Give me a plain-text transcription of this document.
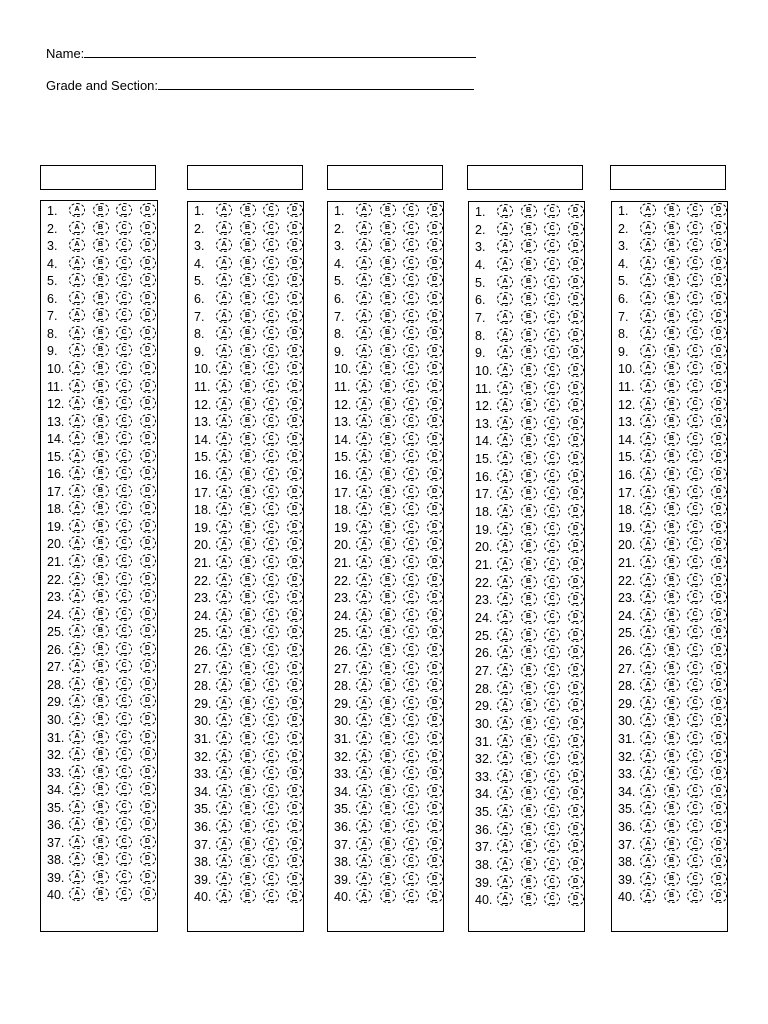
Name:
Grade and Section:
1.	A	B	C	D
2.	A	B	C	D
3.	A	B	C	D
4.	A	B	C	D
5.	A	B	C	D
6.	A	B	C	D
7.	A	B	C	D
8.	A	B	C	D
9.	A	B	C	D
10.	A	B	C	D
11.	A	B	C	D
12.	A	B	C	D
13.	A	B	C	D
14.	A	B	C	D
15.	A	B	C	D
16.	A	B	C	D
17.	A	B	C	D
18.	A	B	C	D
19.	A	B	C	D
20.	A	B	C	D
21.	A	B	C	D
22.	A	B	C	D
23.	A	B	C	D
24.	A	B	C	D
25.	A	B	C	D
26.	A	B	C	D
27.	A	B	C	D
28.	A	B	C	D
29.	A	B	C	D
30.	A	B	C	D
31.	A	B	C	D
32.	A	B	C	D
33.	A	B	C	D
34.	A	B	C	D
35.	A	B	C	D
36.	A	B	C	D
37.	A	B	C	D
38.	A	B	C	D
39.	A	B	C	D
40.	A	B	C	D
1.	A	B	C	D
2.	A	B	C	D
3.	A	B	C	D
4.	A	B	C	D
5.	A	B	C	D
6.	A	B	C	D
7.	A	B	C	D
8.	A	B	C	D
9.	A	B	C	D
10.	A	B	C	D
11.	A	B	C	D
12.	A	B	C	D
13.	A	B	C	D
14.	A	B	C	D
15.	A	B	C	D
16.	A	B	C	D
17.	A	B	C	D
18.	A	B	C	D
19.	A	B	C	D
20.	A	B	C	D
21.	A	B	C	D
22.	A	B	C	D
23.	A	B	C	D
24.	A	B	C	D
25.	A	B	C	D
26.	A	B	C	D
27.	A	B	C	D
28.	A	B	C	D
29.	A	B	C	D
30.	A	B	C	D
31.	A	B	C	D
32.	A	B	C	D
33.	A	B	C	D
34.	A	B	C	D
35.	A	B	C	D
36.	A	B	C	D
37.	A	B	C	D
38.	A	B	C	D
39.	A	B	C	D
40.	A	B	C	D
1.	A	B	C	D
2.	A	B	C	D
3.	A	B	C	D
4.	A	B	C	D
5.	A	B	C	D
6.	A	B	C	D
7.	A	B	C	D
8.	A	B	C	D
9.	A	B	C	D
10.	A	B	C	D
11.	A	B	C	D
12.	A	B	C	D
13.	A	B	C	D
14.	A	B	C	D
15.	A	B	C	D
16.	A	B	C	D
17.	A	B	C	D
18.	A	B	C	D
19.	A	B	C	D
20.	A	B	C	D
21.	A	B	C	D
22.	A	B	C	D
23.	A	B	C	D
24.	A	B	C	D
25.	A	B	C	D
26.	A	B	C	D
27.	A	B	C	D
28.	A	B	C	D
29.	A	B	C	D
30.	A	B	C	D
31.	A	B	C	D
32.	A	B	C	D
33.	A	B	C	D
34.	A	B	C	D
35.	A	B	C	D
36.	A	B	C	D
37.	A	B	C	D
38.	A	B	C	D
39.	A	B	C	D
40.	A	B	C	D
1.	A	B	C	D
2.	A	B	C	D
3.	A	B	C	D
4.	A	B	C	D
5.	A	B	C	D
6.	A	B	C	D
7.	A	B	C	D
8.	A	B	C	D
9.	A	B	C	D
10.	A	B	C	D
11.	A	B	C	D
12.	A	B	C	D
13.	A	B	C	D
14.	A	B	C	D
15.	A	B	C	D
16.	A	B	C	D
17.	A	B	C	D
18.	A	B	C	D
19.	A	B	C	D
20.	A	B	C	D
21.	A	B	C	D
22.	A	B	C	D
23.	A	B	C	D
24.	A	B	C	D
25.	A	B	C	D
26.	A	B	C	D
27.	A	B	C	D
28.	A	B	C	D
29.	A	B	C	D
30.	A	B	C	D
31.	A	B	C	D
32.	A	B	C	D
33.	A	B	C	D
34.	A	B	C	D
35.	A	B	C	D
36.	A	B	C	D
37.	A	B	C	D
38.	A	B	C	D
39.	A	B	C	D
40.	A	B	C	D
1.	A	B	C	D
2.	A	B	C	D
3.	A	B	C	D
4.	A	B	C	D
5.	A	B	C	D
6.	A	B	C	D
7.	A	B	C	D
8.	A	B	C	D
9.	A	B	C	D
10.	A	B	C	D
11.	A	B	C	D
12.	A	B	C	D
13.	A	B	C	D
14.	A	B	C	D
15.	A	B	C	D
16.	A	B	C	D
17.	A	B	C	D
18.	A	B	C	D
19.	A	B	C	D
20.	A	B	C	D
21.	A	B	C	D
22.	A	B	C	D
23.	A	B	C	D
24.	A	B	C	D
25.	A	B	C	D
26.	A	B	C	D
27.	A	B	C	D
28.	A	B	C	D
29.	A	B	C	D
30.	A	B	C	D
31.	A	B	C	D
32.	A	B	C	D
33.	A	B	C	D
34.	A	B	C	D
35.	A	B	C	D
36.	A	B	C	D
37.	A	B	C	D
38.	A	B	C	D
39.	A	B	C	D
40.	A	B	C	D
